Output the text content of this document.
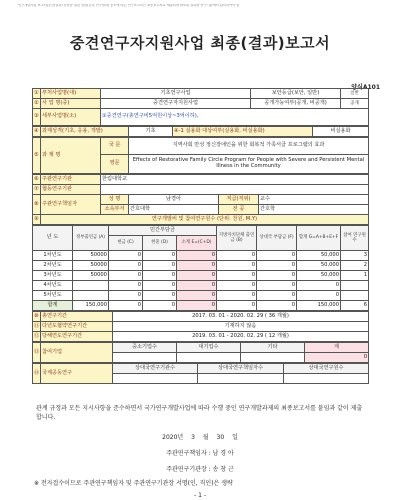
연구개발사업 보고서(중간/결과) 운용을 위한 법령(등록 연구성과) 공모에 따른 연구보고서는 최종보고서로 제출되며 완료된 결과를 연구기관에서 관리하여야 함
중견연구자지원사업 최종(결과)보고서
양식A101
①	부처사업명(대)	기초연구사업	보안등급(보안, 일반)	일반
②	사 업 명(중)	중견연구자지원사업	공개가능여부(공개, 비공개)	공개
③	세부사업명(소)	①중견연구(총연구비5억원이상~3억이하),		
④	과제성격(기초, 응용, 개발)	기초	④-1 실용화 대상여부(실용화, 비실용화)	비실용화
⑤	과 제 명	국 문	지역사회 만성 정신장애인을 위한 회복적 가족서클 프로그램의 효과
		영문	Effects of Restorative Family Circle Program for People with Severe and Persistent Mental Illness in the Community
⑥	주관연구기관	한림대학교			
⑦	협동연구기관				
⑧	주관연구책임자	성 명	남경아	직급(직위)	교수
		소속부서	간호대학	전 공	간호학
⑨	연구개발비 및 참여연구원수 (단위: 천원, M.Y)				
년 도	정부출연금 (A)	민간부담금			지방자치단체 출연금 (B)	상대국 부담금 (F)	합계 G=A+B+E+F	참여 연구원수
		현금 (C)	현물 (D)	소계 E=(C+D)				
1차년도	50000	0	0	0	0	0	50,000	3
2차년도	50000	0	0	0	0	0	50,000	2
3차년도	50000	0	0	0	0	0	50,000	1
4차년도		0	0	0	0	0	0	
5차년도		0	0	0	0	0	0	
합계	150,000	0	0	0	0	0	150,000	6
⑩	총연구기간	2017. 03. 01 - 2020. 02. 29 ( 36 개월)
⑪	다년도협약연구기간	기재하지 않음
⑫	당해연도연구기간	2019. 03. 01 - 2020. 02. 29 ( 12 개월)
⑬	참여기업	중소기업수	대기업수	기타	계
					0
⑭	국제공동연구	상대국연구기관수	상대국연구책임자수	상대국연구원수

관계 규정과 모든 지시사항을 준수하면서 국가연구개발사업에 따라 수행 중인 연구개발과제의 최종보고서를 붙임과 같이 제출 합니다.
2020년 3 월 30 일
주관연구책임자 : 남 경 아
주관연구기관장 : 송 창 근
※ 전자접수이므로 주관연구책임자 및 주관연구기관장 서명(인, 직인)은 생략
- 1 -
